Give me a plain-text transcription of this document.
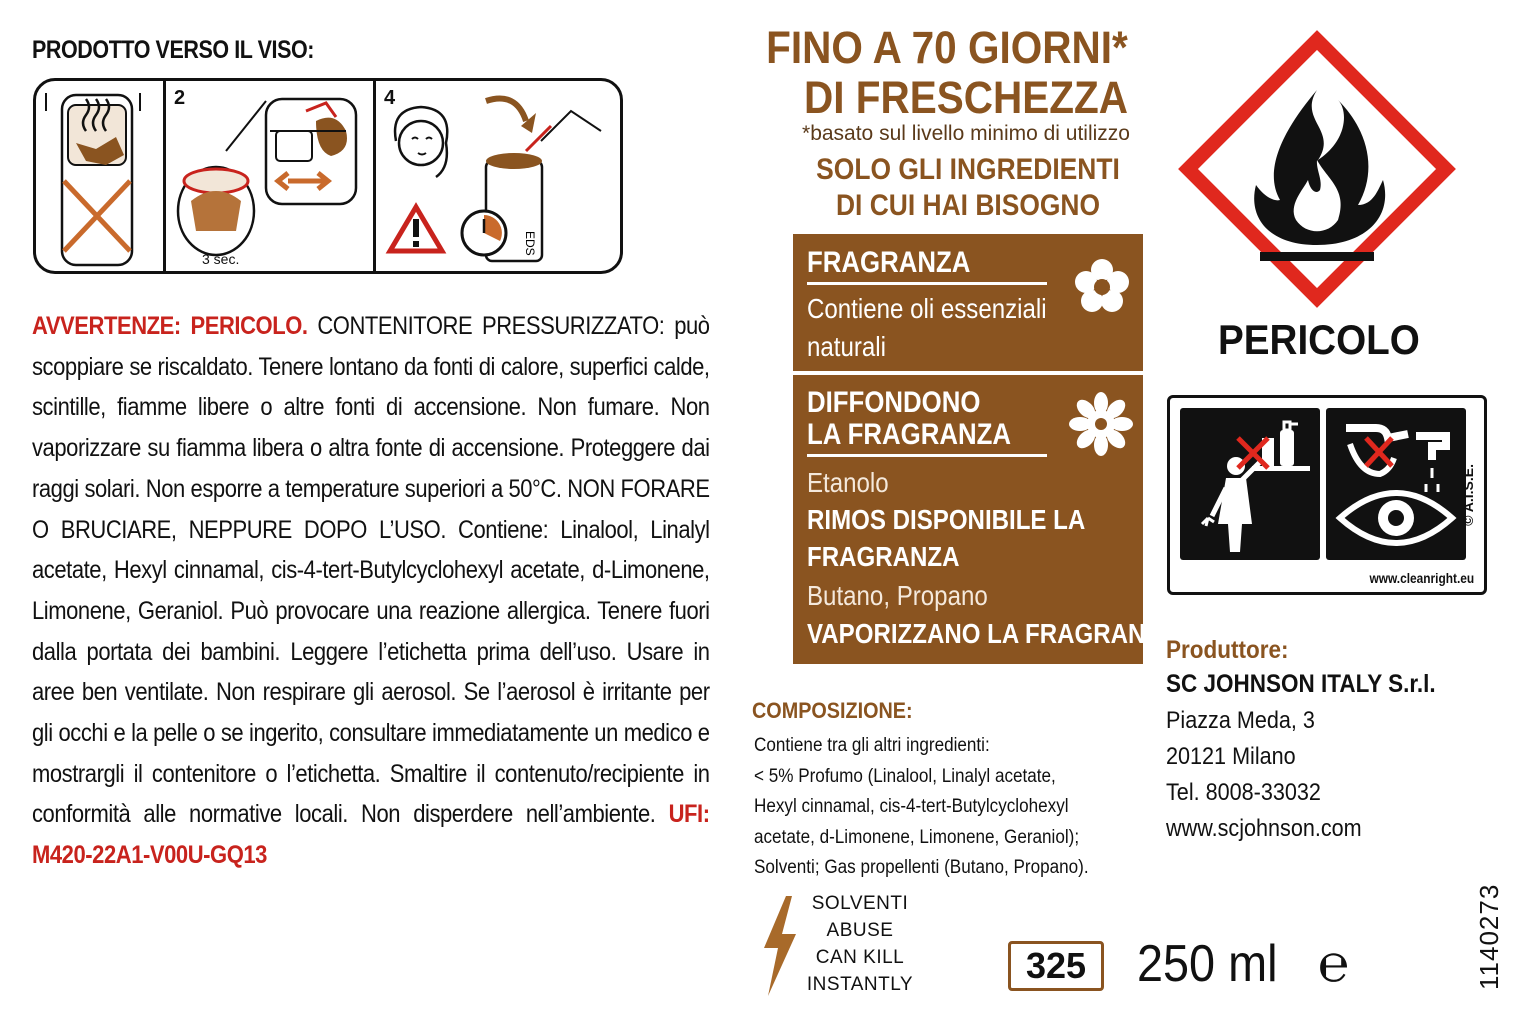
PRODOTTO VERSO IL VISO:
2
3 sec.
4
EDS
AVVERTENZE: PERICOLO. CONTENITORE PRESSURIZZATO: può scoppiare se riscaldato. Tenere lontano da fonti di calore, superfici calde, scintille, fiamme libere o altre fonti di accensione. Non fumare. Non vaporizzare su fiamma libera o altra fonte di accensione. Proteggere dai raggi solari. Non esporre a temperature superiori a 50°C. NON FORARE O BRUCIARE, NEPPURE DOPO L’USO. Contiene: Linalool, Linalyl acetate, Hexyl cinnamal, cis-4-tert-Butylcyclohexyl acetate, d-Limonene, Limonene, Geraniol. Può provocare una reazione allergica. Tenere fuori dalla portata dei bambini. Leggere l’etichetta prima dell’uso. Usare in aree ben ventilate. Non respirare gli aerosol. Se l’aerosol è irritante per gli occhi e la pelle o se ingerito, consultare immediatamente un medico e mostrargli il contenitore o l’etichetta. Smaltire il contenuto/recipiente in conformità alle normative locali. Non disperdere nell’ambiente. UFI: M420-22A1-V00U-GQ13
FINO A 70 GIORNI*
DI FRESCHEZZA
*basato sul livello minimo di utilizzo
SOLO GLI INGREDIENTI
DI CUI HAI BISOGNO
FRAGRANZA
Contiene oli essenziali
naturali
DIFFONDONO
LA FRAGRANZA
Etanolo
RIMOS DISPONIBILE LA
FRAGRANZA
Butano, Propano
VAPORIZZANO LA FRAGRANZA
COMPOSIZIONE:
Contiene tra gli altri ingredienti:
< 5% Profumo (Linalool, Linalyl acetate,
Hexyl cinnamal, cis-4-tert-Butylcyclohexyl
acetate, d-Limonene, Limonene, Geraniol);
Solventi; Gas propellenti (Butano, Propano).
SOLVENTI
ABUSE
CAN KILL
INSTANTLY	325 250 ml ℮
PERICOLO
© A.I.S.E.
www.cleanright.eu
Produttore:
SC JOHNSON ITALY S.r.l.
Piazza Meda, 3
20121 Milano
Tel. 8008-33032
www.scjohnson.com
1140273
